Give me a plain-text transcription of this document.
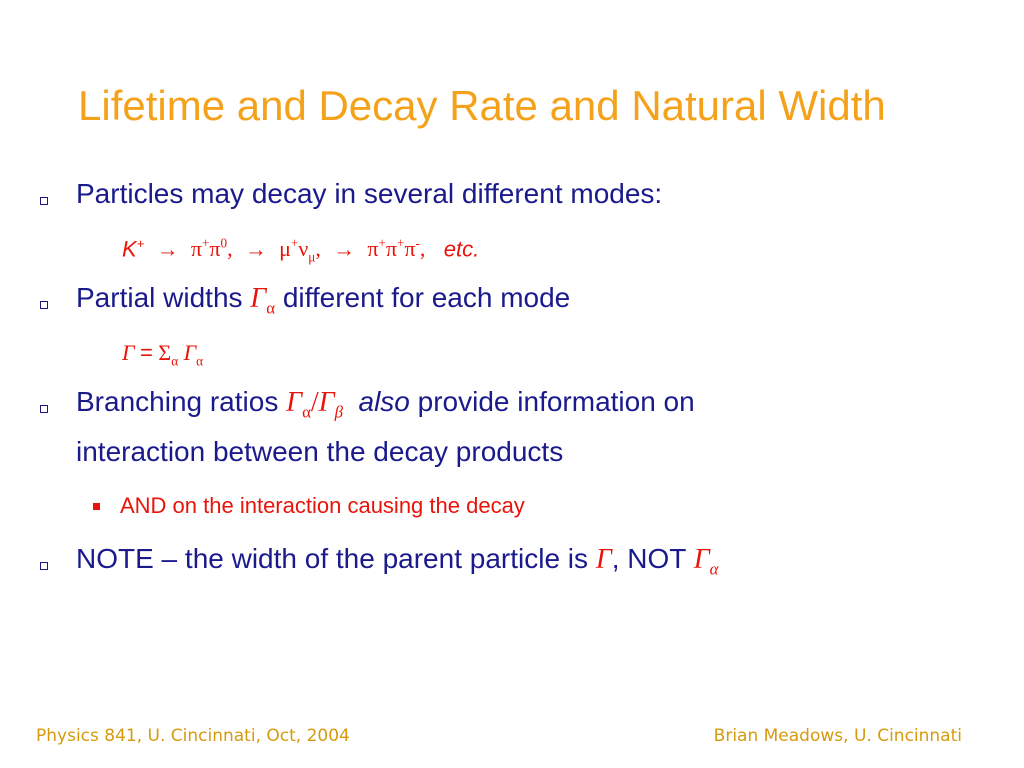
Lifetime and Decay Rate and Natural Width
Particles may decay in several different modes:
$K^+ \to \pi^+\pi^0$, → $\mu^+\nu_\mu$, → π+π+π-, etc.
Partial widths $\Gamma_\alpha$ different for each mode
$\Gamma = \Sigma_\alpha$ $\Gamma_\alpha$
Branching ratios $\Gamma_\alpha/\Gamma_\beta$ also provide information on
interaction between the decay products
AND on the interaction causing the decay
NOTE – the width of the parent particle is Γ, NOT $\Gamma_\alpha$
Physics 841, U. Cincinnati, Oct, 2004	Brian Meadows, U. Cincinnati
